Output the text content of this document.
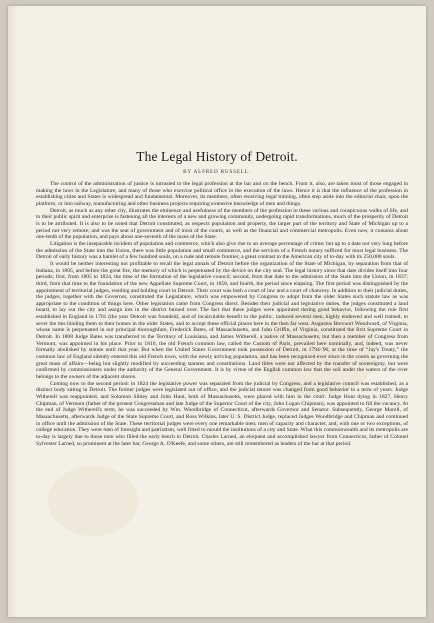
The Legal History of Detroit.
BY ALFRED RUSSELL.

The control of the administration of justice is intrusted to the legal profession at the bar and on the bench. From it, also, are taken most of those engaged in making the laws in the Legislature, and many of those who exercise political office in the execution of the laws. Hence it is that the influence of the profession in establishing cities and States is widespread and fundamental. Moreover, its members, often receiving legal training, often step aside into the editorial chair, upon the platform, or into railway, manufacturing and other business projects requiring extensive knowledge of men and things.

Detroit, as much as any other city, illustrates the eminence and usefulness of the members of the profession in these various and conspicuous walks of life, and to their public spirit and enterprise is fastening all the interests of a new and growing community, undergoing rapid transformations, much of the prosperity of Detroit is to be attributed. It is also to be noted that Detroit constituted, as respects population and property, the larger part of the territory and State of Michigan up to a period not very remote; and was the seat of government and of most of the courts, as well as the financial and commercial metropolis. Even now, it contains about one-tenth of the population, and pays about one-seventh of the taxes of the State.

Litigation is the inseparable incident of population and commerce, which also give rise to an average percentage of crime; but up to a date not very long before the admission of the State into the Union, there was little population and small commerce, and the services of a French notary sufficed for most legal business. The Detroit of early history was a hamlet of a few hundred souls, on a rude and remote frontier, a great contrast to the American city of to-day with its 250,000 souls.

It would be neither interesting nor profitable to recall the legal annals of Detroit before the organization of the State of Michigan, by separation from that of Indiana, in 1805, and before the great fire, the memory of which is perpetuated by the device on the city seal. The legal history since that date divides itself into four periods; first, from 1805 to 1824, the time of the formation of the legislative council; second, from that date to the admission of the State into the Union, in 1837; third, from that time to the foundation of the new Appellate Supreme Court, in 1858, and fourth, the period since elapsing. The first period was distinguished by the appointment of territorial judges, residing and holding court in Detroit. Their court was both a court of law and a court of chancery. In addition to their judicial duties, the judges, together with the Governor, constituted the Legislature, which was empowered by Congress to adopt from the older States such statute law as was appropriate to the condition of things here. Other legislation came from Congress direct. Besides their judicial and legislative duties, the judges constituted a land board, to lay out the city and assign lots in the district burned over. The fact that these judges were appointed during good behavior, following the rule first established in England in 1701 (the year Detroit was founded), and of incalculable benefit to the public, induced several men, highly endowed and well trained, to sever the ties binding them to their homes in the older States, and to accept these official places here in the then far west. Augustus Brevoort Woodward, of Virginia, whose name is perpetuated in our principal thoroughfare, Frederick Bates, of Massachusetts, and John Griffin, of Virginia, constituted the first Supreme Court in Detroit. In 1808 Judge Bates was transferred to the Territory of Louisiana, and James Witherell, a native of Massachusetts, but then a member of Congress from Vermont, was appointed in his place. Prior to 1810, the old French common law, called the Custom of Paris, prevailed here nominally, and, indeed, was never formally abolished by statute until that year. But when the United States Government took possession of Detroit, in 1794-'96, at the time of “Jay's Treaty,” the common law of England silently entered this old French town, with the newly arriving population, and has been recognized ever since in the courts as governing the great mass of affairs—being but slightly modified by succeeding statutes and constitutions. Land titles were not affected by the transfer of sovereignty, but were confirmed by commissioners under the authority of the General Government. It is by virtue of the English common law that the soil under the waters of the river belongs to the owners of the adjacent shores.

Coming now to the second period: in 1824 the legislative power was separated from the judicial by Congress, and a legislative council was established, as a distinct body sitting in Detroit. The former judges were legislated out of office, and the judicial tenure was changed from good behavior to a term of years. Judge Witherell was reappointed, and Solomon Sibley and John Hunt, both of Massachusetts, were placed with him in the court. Judge Hunt dying in 1827, Henry Chipman, of Vermont (father of the present Congressman and late Judge of the Superior Court of the city, John Logan Chipman), was appointed to fill the vacancy. At the end of Judge Witherell's term, he was succeeded by Wm. Woodbridge of Connecticut, afterwards Governor and Senator. Subsequently, George Morell, of Massachusetts, afterwards Judge of the State Supreme Court, and Ross Wilkins, later U. S. District Judge, replaced Judges Woodbridge and Chipman and continued in office until the admission of the State. These territorial judges were every one remarkable men; men of capacity and character, and, with one or two exceptions, of college education. They were men of foresight and patriotism, well fitted to mould the institutions of a city and State. What this commonwealth and its metropolis are to-day is largely due to those men who filled the early bench in Detroit. Charles Larned, an eloquent and accomplished lawyer from Connecticut, father of Colonel Sylvester Larned, so prominent at the later bar, George A. O'Keefe, and some others, are still remembered as leaders of the bar at that period.
